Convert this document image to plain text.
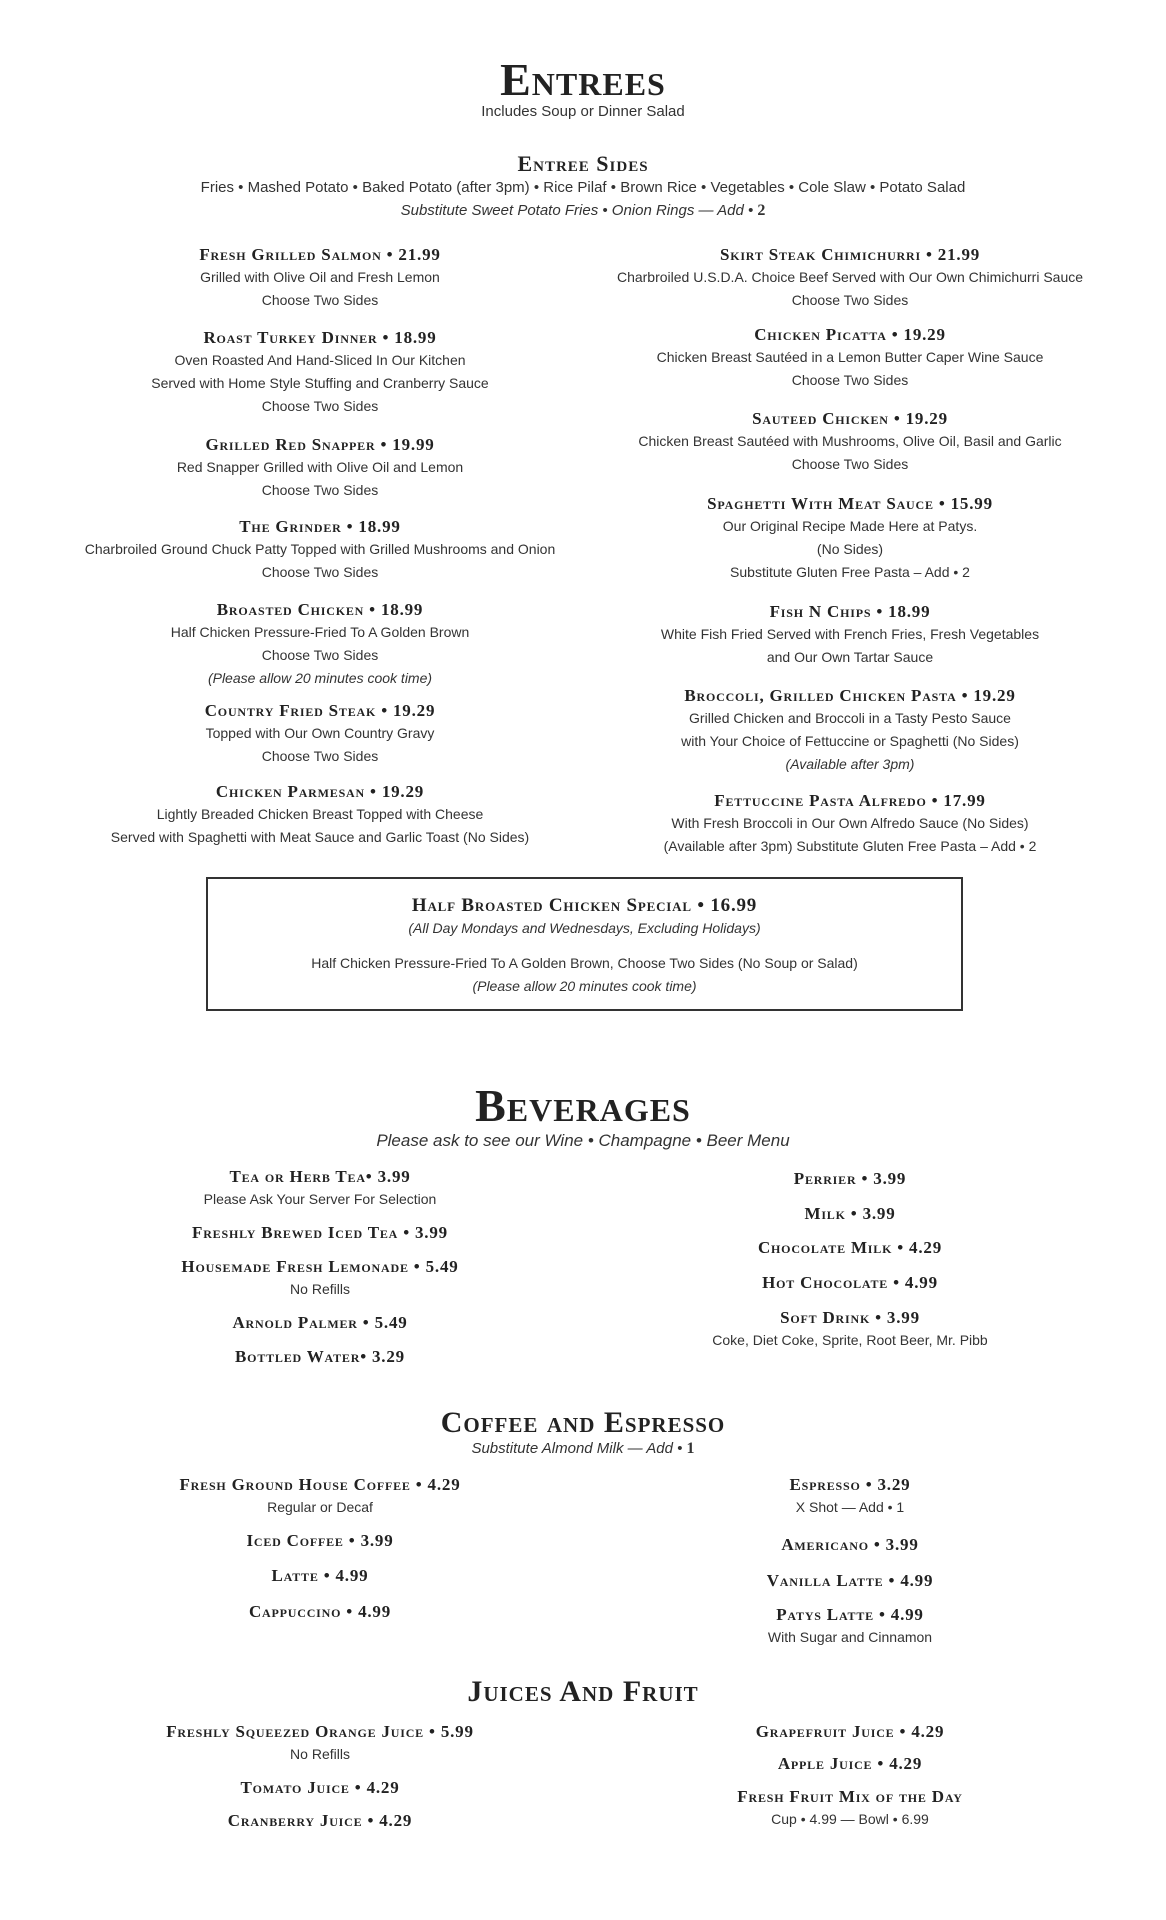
Entrees
Includes Soup or Dinner Salad
Entree Sides
Fries • Mashed Potato • Baked Potato (after 3pm) • Rice Pilaf • Brown Rice • Vegetables • Cole Slaw • Potato Salad
Substitute Sweet Potato Fries • Onion Rings — Add • 2
Fresh Grilled Salmon • 21.99
Grilled with Olive Oil and Fresh Lemon
Choose Two Sides
Roast Turkey Dinner • 18.99
Oven Roasted And Hand-Sliced In Our Kitchen
Served with Home Style Stuffing and Cranberry Sauce
Choose Two Sides
Grilled Red Snapper • 19.99
Red Snapper Grilled with Olive Oil and Lemon
Choose Two Sides
The Grinder • 18.99
Charbroiled Ground Chuck Patty Topped with Grilled Mushrooms and Onion
Choose Two Sides
Broasted Chicken • 18.99
Half Chicken Pressure-Fried To A Golden Brown
Choose Two Sides
(Please allow 20 minutes cook time)
Country Fried Steak • 19.29
Topped with Our Own Country Gravy
Choose Two Sides
Chicken Parmesan • 19.29
Lightly Breaded Chicken Breast Topped with Cheese
Served with Spaghetti with Meat Sauce and Garlic Toast (No Sides)
Skirt Steak Chimichurri • 21.99
Charbroiled U.S.D.A. Choice Beef Served with Our Own Chimichurri Sauce
Choose Two Sides
Chicken Picatta • 19.29
Chicken Breast Sautéed in a Lemon Butter Caper Wine Sauce
Choose Two Sides
Sauteed Chicken • 19.29
Chicken Breast Sautéed with Mushrooms, Olive Oil, Basil and Garlic
Choose Two Sides
Spaghetti With Meat Sauce • 15.99
Our Original Recipe Made Here at Patys.
(No Sides)
Substitute Gluten Free Pasta – Add • 2
Fish N Chips • 18.99
White Fish Fried Served with French Fries, Fresh Vegetables
and Our Own Tartar Sauce
Broccoli, Grilled Chicken Pasta • 19.29
Grilled Chicken and Broccoli in a Tasty Pesto Sauce
with Your Choice of Fettuccine or Spaghetti (No Sides)
(Available after 3pm)
Fettuccine Pasta Alfredo • 17.99
With Fresh Broccoli in Our Own Alfredo Sauce (No Sides)
(Available after 3pm) Substitute Gluten Free Pasta – Add • 2
Half Broasted Chicken Special • 16.99
(All Day Mondays and Wednesdays, Excluding Holidays)
Half Chicken Pressure-Fried To A Golden Brown, Choose Two Sides (No Soup or Salad)
(Please allow 20 minutes cook time)
Beverages
Please ask to see our Wine • Champagne • Beer Menu
Tea or Herb Tea• 3.99
Please Ask Your Server For Selection
Freshly Brewed Iced Tea • 3.99
Housemade Fresh Lemonade • 5.49
No Refills
Arnold Palmer • 5.49
Bottled Water• 3.29
Perrier • 3.99
Milk • 3.99
Chocolate Milk • 4.29
Hot Chocolate • 4.99
Soft Drink • 3.99
Coke, Diet Coke, Sprite, Root Beer, Mr. Pibb
Coffee and Espresso
Substitute Almond Milk — Add • 1
Fresh Ground House Coffee • 4.29
Regular or Decaf
Iced Coffee • 3.99
Latte • 4.99
Cappuccino • 4.99
Espresso • 3.29
X Shot — Add • 1
Americano • 3.99
Vanilla Latte • 4.99
Patys Latte • 4.99
With Sugar and Cinnamon
Juices And Fruit
Freshly Squeezed Orange Juice • 5.99
No Refills
Tomato Juice • 4.29
Cranberry Juice • 4.29
Grapefruit Juice • 4.29
Apple Juice • 4.29
Fresh Fruit Mix of the Day
Cup • 4.99 — Bowl • 6.99
